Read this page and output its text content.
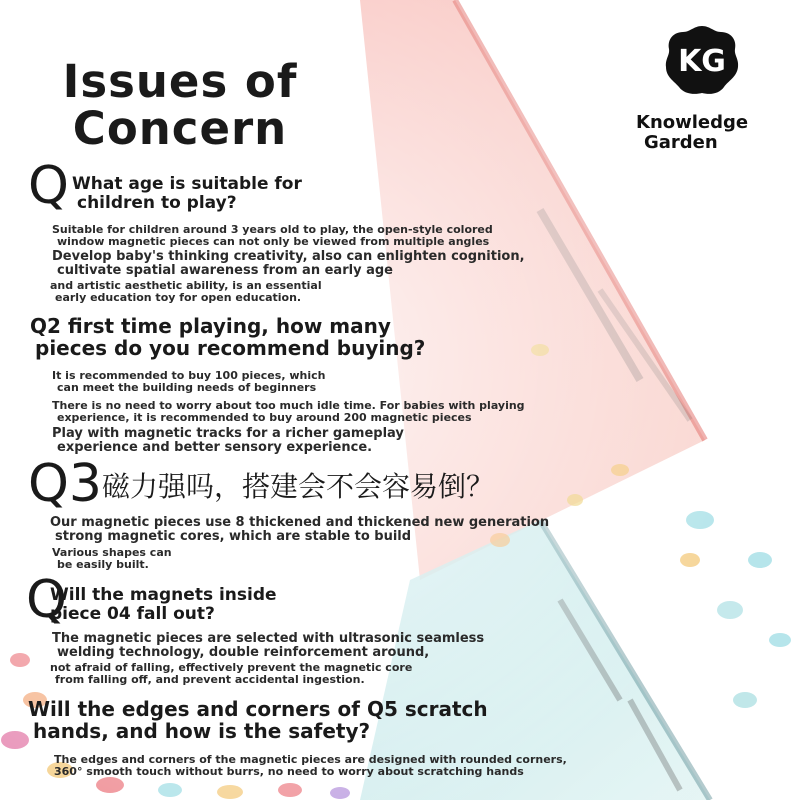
Issues of
Concern
KG
Knowledge
Garden
Q What age is suitable for
children to play?
Suitable for children around 3 years old to play, the open-style colored
window magnetic pieces can not only be viewed from multiple angles
Develop baby's thinking creativity, also can enlighten cognition,
cultivate spatial awareness from an early age
and artistic aesthetic ability, is an essential
early education toy for open education.
Q2 first time playing, how many
pieces do you recommend buying?
It is recommended to buy 100 pieces, which
can meet the building needs of beginners
There is no need to worry about too much idle time. For babies with playing
experience, it is recommended to buy around 200 magnetic pieces
Play with magnetic tracks for a richer gameplay
experience and better sensory experience.
Q3 磁力强吗，搭建会不会容易倒？
Our magnetic pieces use 8 thickened and thickened new generation
strong magnetic cores, which are stable to build
Various shapes can
be easily built.
Q
Will the magnets inside
piece 04 fall out?
The magnetic pieces are selected with ultrasonic seamless
welding technology, double reinforcement around,
not afraid of falling, effectively prevent the magnetic core
from falling off, and prevent accidental ingestion.
Will the edges and corners of Q5 scratch
hands, and how is the safety?
The edges and corners of the magnetic pieces are designed with rounded corners,
360° smooth touch without burrs, no need to worry about scratching hands
